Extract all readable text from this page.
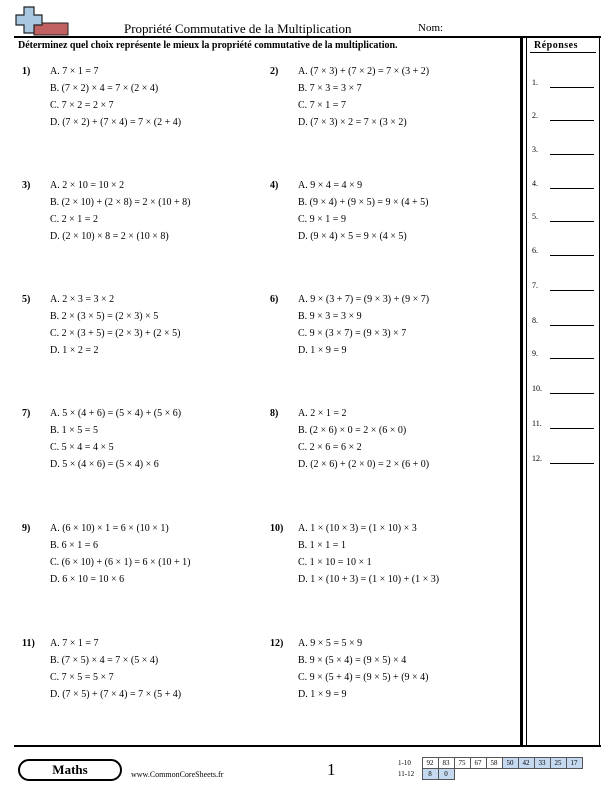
Propriété Commutative de la Multiplication	Nom:
Déterminez quel choix représente le mieux la propriété commutative de la multiplication.	Réponses
1.
2.
3.
4.
5.
6.
7.
8.
9.
10.
11.
12.
1) A. 7 × 1 = 7
B. (7 × 2) × 4 = 7 × (2 × 4)
C. 7 × 2 = 2 × 7
D. (7 × 2) + (7 × 4) = 7 × (2 + 4)
2) A. (7 × 3) + (7 × 2) = 7 × (3 + 2)
B. 7 × 3 = 3 × 7
C. 7 × 1 = 7
D. (7 × 3) × 2 = 7 × (3 × 2)
3) A. 2 × 10 = 10 × 2
B. (2 × 10) + (2 × 8) = 2 × (10 + 8)
C. 2 × 1 = 2
D. (2 × 10) × 8 = 2 × (10 × 8)
4) A. 9 × 4 = 4 × 9
B. (9 × 4) + (9 × 5) = 9 × (4 + 5)
C. 9 × 1 = 9
D. (9 × 4) × 5 = 9 × (4 × 5)
5) A. 2 × 3 = 3 × 2
B. 2 × (3 × 5) = (2 × 3) × 5
C. 2 × (3 + 5) = (2 × 3) + (2 × 5)
D. 1 × 2 = 2
6) A. 9 × (3 + 7) = (9 × 3) + (9 × 7)
B. 9 × 3 = 3 × 9
C. 9 × (3 × 7) = (9 × 3) × 7
D. 1 × 9 = 9
7) A. 5 × (4 + 6) = (5 × 4) + (5 × 6)
B. 1 × 5 = 5
C. 5 × 4 = 4 × 5
D. 5 × (4 × 6) = (5 × 4) × 6
8) A. 2 × 1 = 2
B. (2 × 6) × 0 = 2 × (6 × 0)
C. 2 × 6 = 6 × 2
D. (2 × 6) + (2 × 0) = 2 × (6 + 0)
9) A. (6 × 10) × 1 = 6 × (10 × 1)
B. 6 × 1 = 6
C. (6 × 10) + (6 × 1) = 6 × (10 + 1)
D. 6 × 10 = 10 × 6
10) A. 1 × (10 × 3) = (1 × 10) × 3
B. 1 × 1 = 1
C. 1 × 10 = 10 × 1
D. 1 × (10 + 3) = (1 × 10) + (1 × 3)
11) A. 7 × 1 = 7
B. (7 × 5) × 4 = 7 × (5 × 4)
C. 7 × 5 = 5 × 7
D. (7 × 5) + (7 × 4) = 7 × (5 + 4)
12) A. 9 × 5 = 5 × 9
B. 9 × (5 × 4) = (9 × 5) × 4
C. 9 × (5 + 4) = (9 × 5) + (9 × 4)
D. 1 × 9 = 9
Maths	www.CommonCoreSheets.fr	1	1-10	92	83	75	67	58	50	42	33	25	17
11-12	8	0								
